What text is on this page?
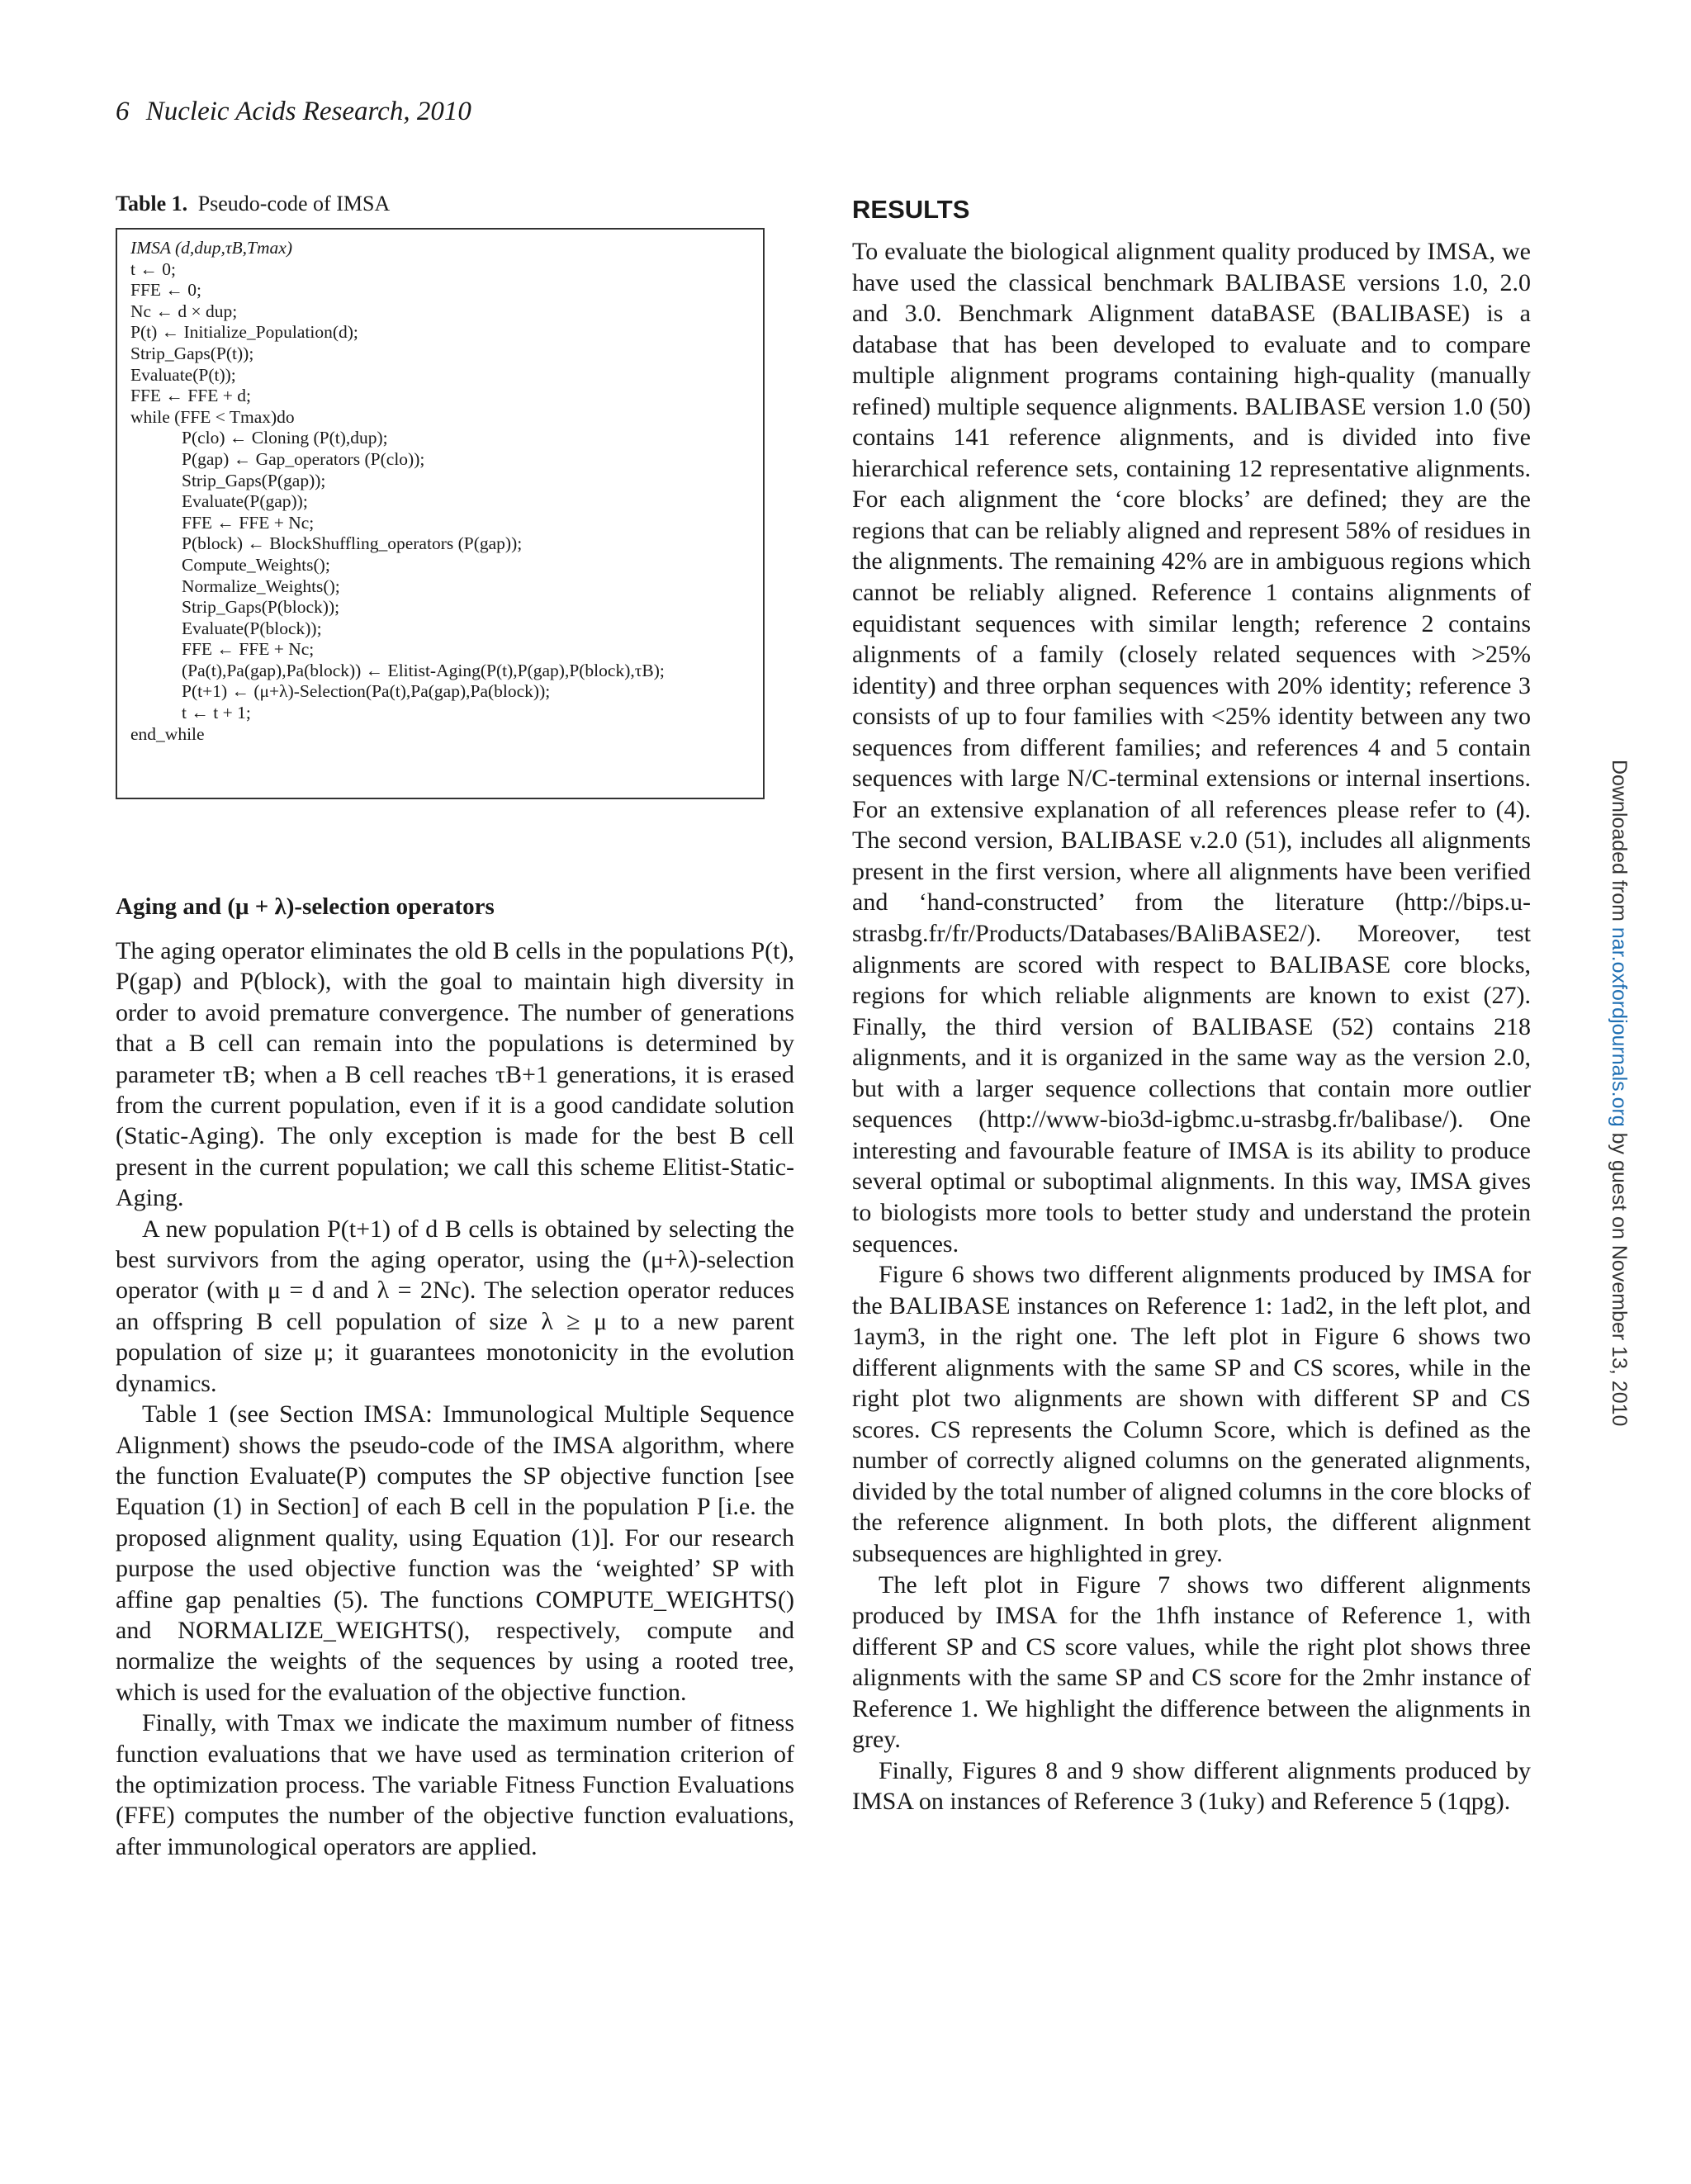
6 Nucleic Acids Research, 2010
Table 1. Pseudo-code of IMSA
IMSA (d,dup,τB,Tmax)
t ← 0;
FFE ← 0;
Nc ← d × dup;
P(t) ← Initialize_Population(d);
Strip_Gaps(P(t));
Evaluate(P(t));
FFE ← FFE + d;
while (FFE < Tmax)do
P(clo) ← Cloning (P(t),dup);
P(gap) ← Gap_operators (P(clo));
Strip_Gaps(P(gap));
Evaluate(P(gap));
FFE ← FFE + Nc;
P(block) ← BlockShuffling_operators (P(gap));
Compute_Weights();
Normalize_Weights();
Strip_Gaps(P(block));
Evaluate(P(block));
FFE ← FFE + Nc;
(Pa(t),Pa(gap),Pa(block)) ← Elitist-Aging(P(t),P(gap),P(block),τB);
P(t+1) ← (μ+λ)-Selection(Pa(t),Pa(gap),Pa(block));
t ← t + 1;
end_while
Aging and (μ + λ)-selection operators

The aging operator eliminates the old B cells in the populations P(t), P(gap) and P(block), with the goal to maintain high diversity in order to avoid premature convergence. The number of generations that a B cell can remain into the populations is determined by parameter τB; when a B cell reaches τB+1 generations, it is erased from the current population, even if it is a good candidate solution (Static-Aging). The only exception is made for the best B cell present in the current population; we call this scheme Elitist-Static-Aging.

A new population P(t+1) of d B cells is obtained by selecting the best survivors from the aging operator, using the (μ+λ)-selection operator (with μ = d and λ = 2Nc). The selection operator reduces an offspring B cell population of size λ ≥ μ to a new parent population of size μ; it guarantees monotonicity in the evolution dynamics.

Table 1 (see Section IMSA: Immunological Multiple Sequence Alignment) shows the pseudo-code of the IMSA algorithm, where the function Evaluate(P) computes the SP objective function [see Equation (1) in Section] of each B cell in the population P [i.e. the proposed alignment quality, using Equation (1)]. For our research purpose the used objective function was the ‘weighted’ SP with affine gap penalties (5). The functions COMPUTE_WEIGHTS() and NORMALIZE_WEIGHTS(), respectively, compute and normalize the weights of the sequences by using a rooted tree, which is used for the evaluation of the objective function.

Finally, with Tmax we indicate the maximum number of fitness function evaluations that we have used as termination criterion of the optimization process. The variable Fitness Function Evaluations (FFE) computes the number of the objective function evaluations, after immunological operators are applied.

RESULTS

To evaluate the biological alignment quality produced by IMSA, we have used the classical benchmark BALIBASE versions 1.0, 2.0 and 3.0. Benchmark Alignment dataBASE (BALIBASE) is a database that has been developed to evaluate and to compare multiple alignment programs containing high-quality (manually refined) multiple sequence alignments. BALIBASE version 1.0 (50) contains 141 reference alignments, and is divided into five hierarchical reference sets, containing 12 representative alignments. For each alignment the ‘core blocks’ are defined; they are the regions that can be reliably aligned and represent 58% of residues in the alignments. The remaining 42% are in ambiguous regions which cannot be reliably aligned. Reference 1 contains alignments of equidistant sequences with similar length; reference 2 contains alignments of a family (closely related sequences with >25% identity) and three orphan sequences with 20% identity; reference 3 consists of up to four families with <25% identity between any two sequences from different families; and references 4 and 5 contain sequences with large N/C-terminal extensions or internal insertions. For an extensive explanation of all references please refer to (4). The second version, BALIBASE v.2.0 (51), includes all alignments present in the first version, where all alignments have been verified and ‘hand-constructed’ from the literature (http://bips.u-strasbg.fr/fr/Products/Databases/BAliBASE2/). Moreover, test alignments are scored with respect to BALIBASE core blocks, regions for which reliable alignments are known to exist (27). Finally, the third version of BALIBASE (52) contains 218 alignments, and it is organized in the same way as the version 2.0, but with a larger sequence collections that contain more outlier sequences (http://www-bio3d-igbmc.u-strasbg.fr/balibase/). One interesting and favourable feature of IMSA is its ability to produce several optimal or suboptimal alignments. In this way, IMSA gives to biologists more tools to better study and understand the protein sequences.

Figure 6 shows two different alignments produced by IMSA for the BALIBASE instances on Reference 1: 1ad2, in the left plot, and 1aym3, in the right one. The left plot in Figure 6 shows two different alignments with the same SP and CS scores, while in the right plot two alignments are shown with different SP and CS scores. CS represents the Column Score, which is defined as the number of correctly aligned columns on the generated alignments, divided by the total number of aligned columns in the core blocks of the reference alignment. In both plots, the different alignment subsequences are highlighted in grey.

The left plot in Figure 7 shows two different alignments produced by IMSA for the 1hfh instance of Reference 1, with different SP and CS score values, while the right plot shows three alignments with the same SP and CS score for the 2mhr instance of Reference 1. We highlight the difference between the alignments in grey.

Finally, Figures 8 and 9 show different alignments produced by IMSA on instances of Reference 3 (1uky) and Reference 5 (1qpg).

Downloaded from nar.oxfordjournals.org by guest on November 13, 2010
